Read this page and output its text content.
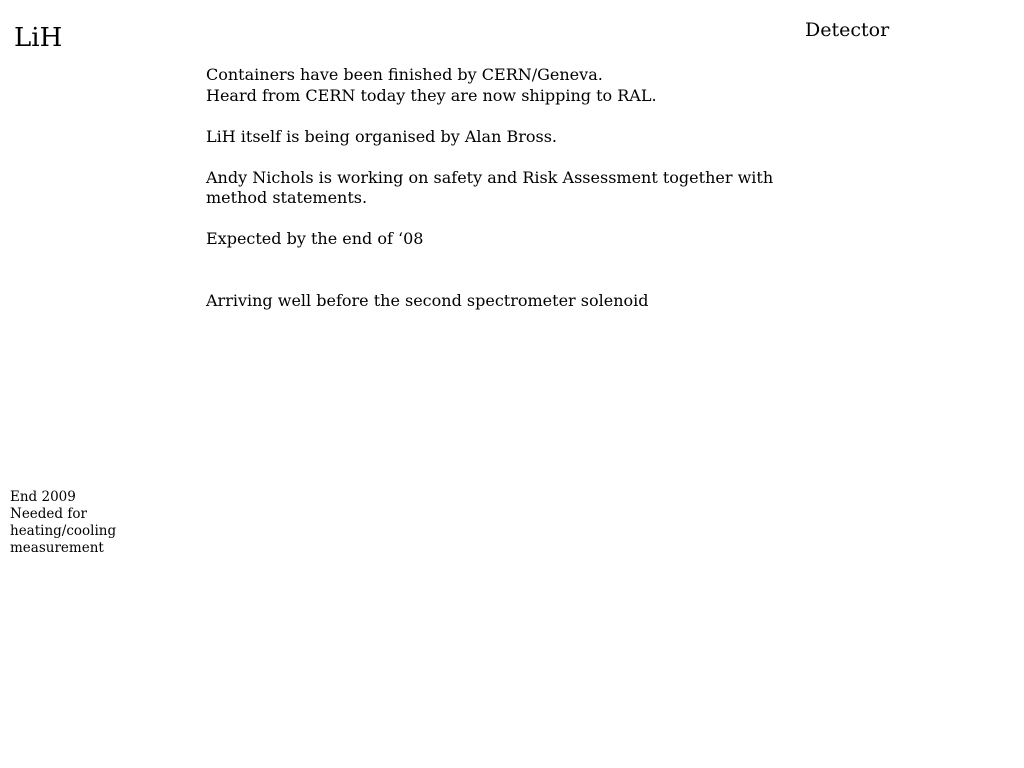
LiH	Detector

Containers have been finished by CERN/Geneva.

Heard from CERN today they are now shipping to RAL.

LiH itself is being organised by Alan Bross.

Andy Nichols is working on safety and Risk Assessment together with

method statements.

Expected by the end of ‘08

Arriving well before the second spectrometer solenoid

End 2009
Needed for
heating/cooling
measurement
